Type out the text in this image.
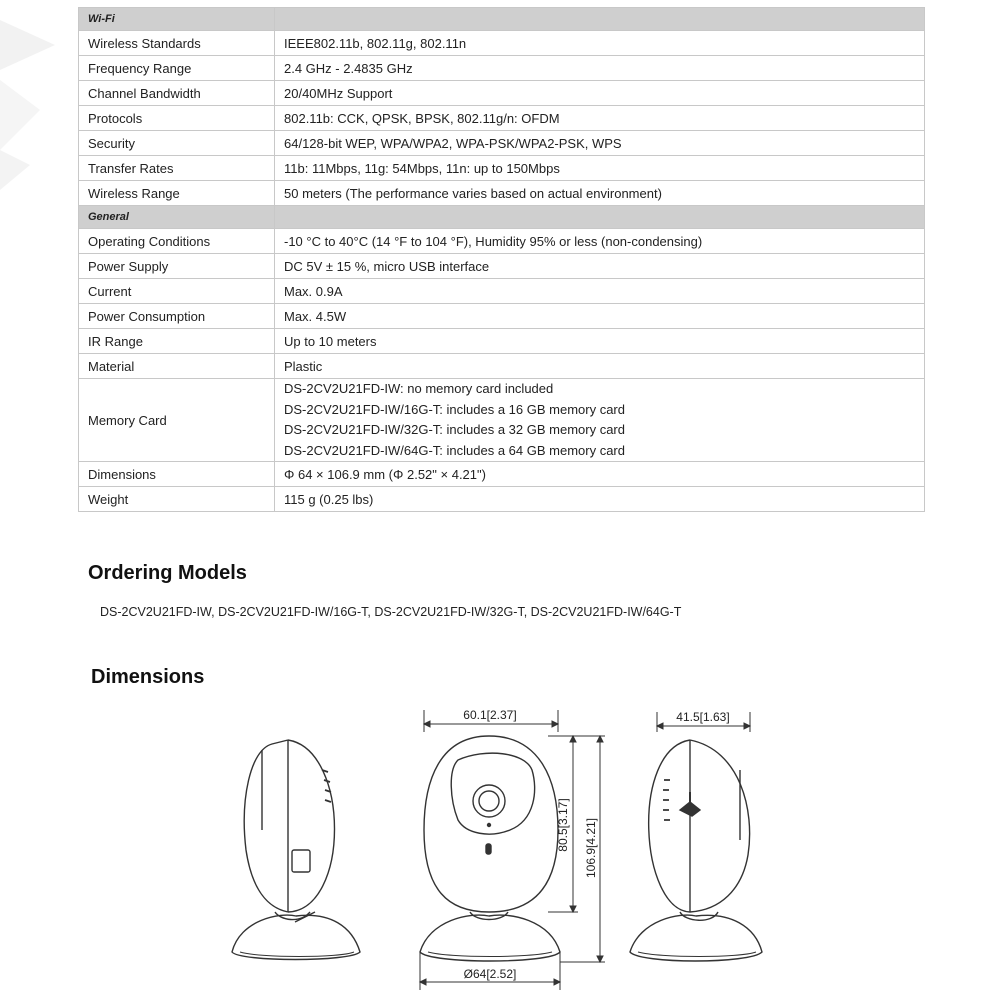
Wi-Fi	
Wireless Standards	IEEE802.11b, 802.11g, 802.11n
Frequency Range	2.4 GHz - 2.4835 GHz
Channel Bandwidth	20/40MHz Support
Protocols	802.11b: CCK, QPSK, BPSK, 802.11g/n: OFDM
Security	64/128-bit WEP, WPA/WPA2, WPA-PSK/WPA2-PSK, WPS
Transfer Rates	11b: 11Mbps, 11g: 54Mbps, 11n: up to 150Mbps
Wireless Range	50 meters (The performance varies based on actual environment)
General	
Operating Conditions	-10 °C to 40°C (14 °F to 104 °F), Humidity 95% or less (non-condensing)
Power Supply	DC 5V ± 15 %, micro USB interface
Current	Max. 0.9A
Power Consumption	Max. 4.5W
IR Range	Up to 10 meters
Material	Plastic
Memory Card	DS-2CV2U21FD-IW: no memory card included
DS-2CV2U21FD-IW/16G-T: includes a 16 GB memory card
DS-2CV2U21FD-IW/32G-T: includes a 32 GB memory card
DS-2CV2U21FD-IW/64G-T: includes a 64 GB memory card

Dimensions	Φ 64 × 106.9 mm (Φ 2.52" × 4.21")
Weight	115 g (0.25 lbs)
Ordering Models
DS-2CV2U21FD-IW, DS-2CV2U21FD-IW/16G-T, DS-2CV2U21FD-IW/32G-T, DS-2CV2U21FD-IW/64G-T
Dimensions
60.1[2.37]	41.5[1.63]
80.5[3.17] 106.9[4.21]
Ø64[2.52]
